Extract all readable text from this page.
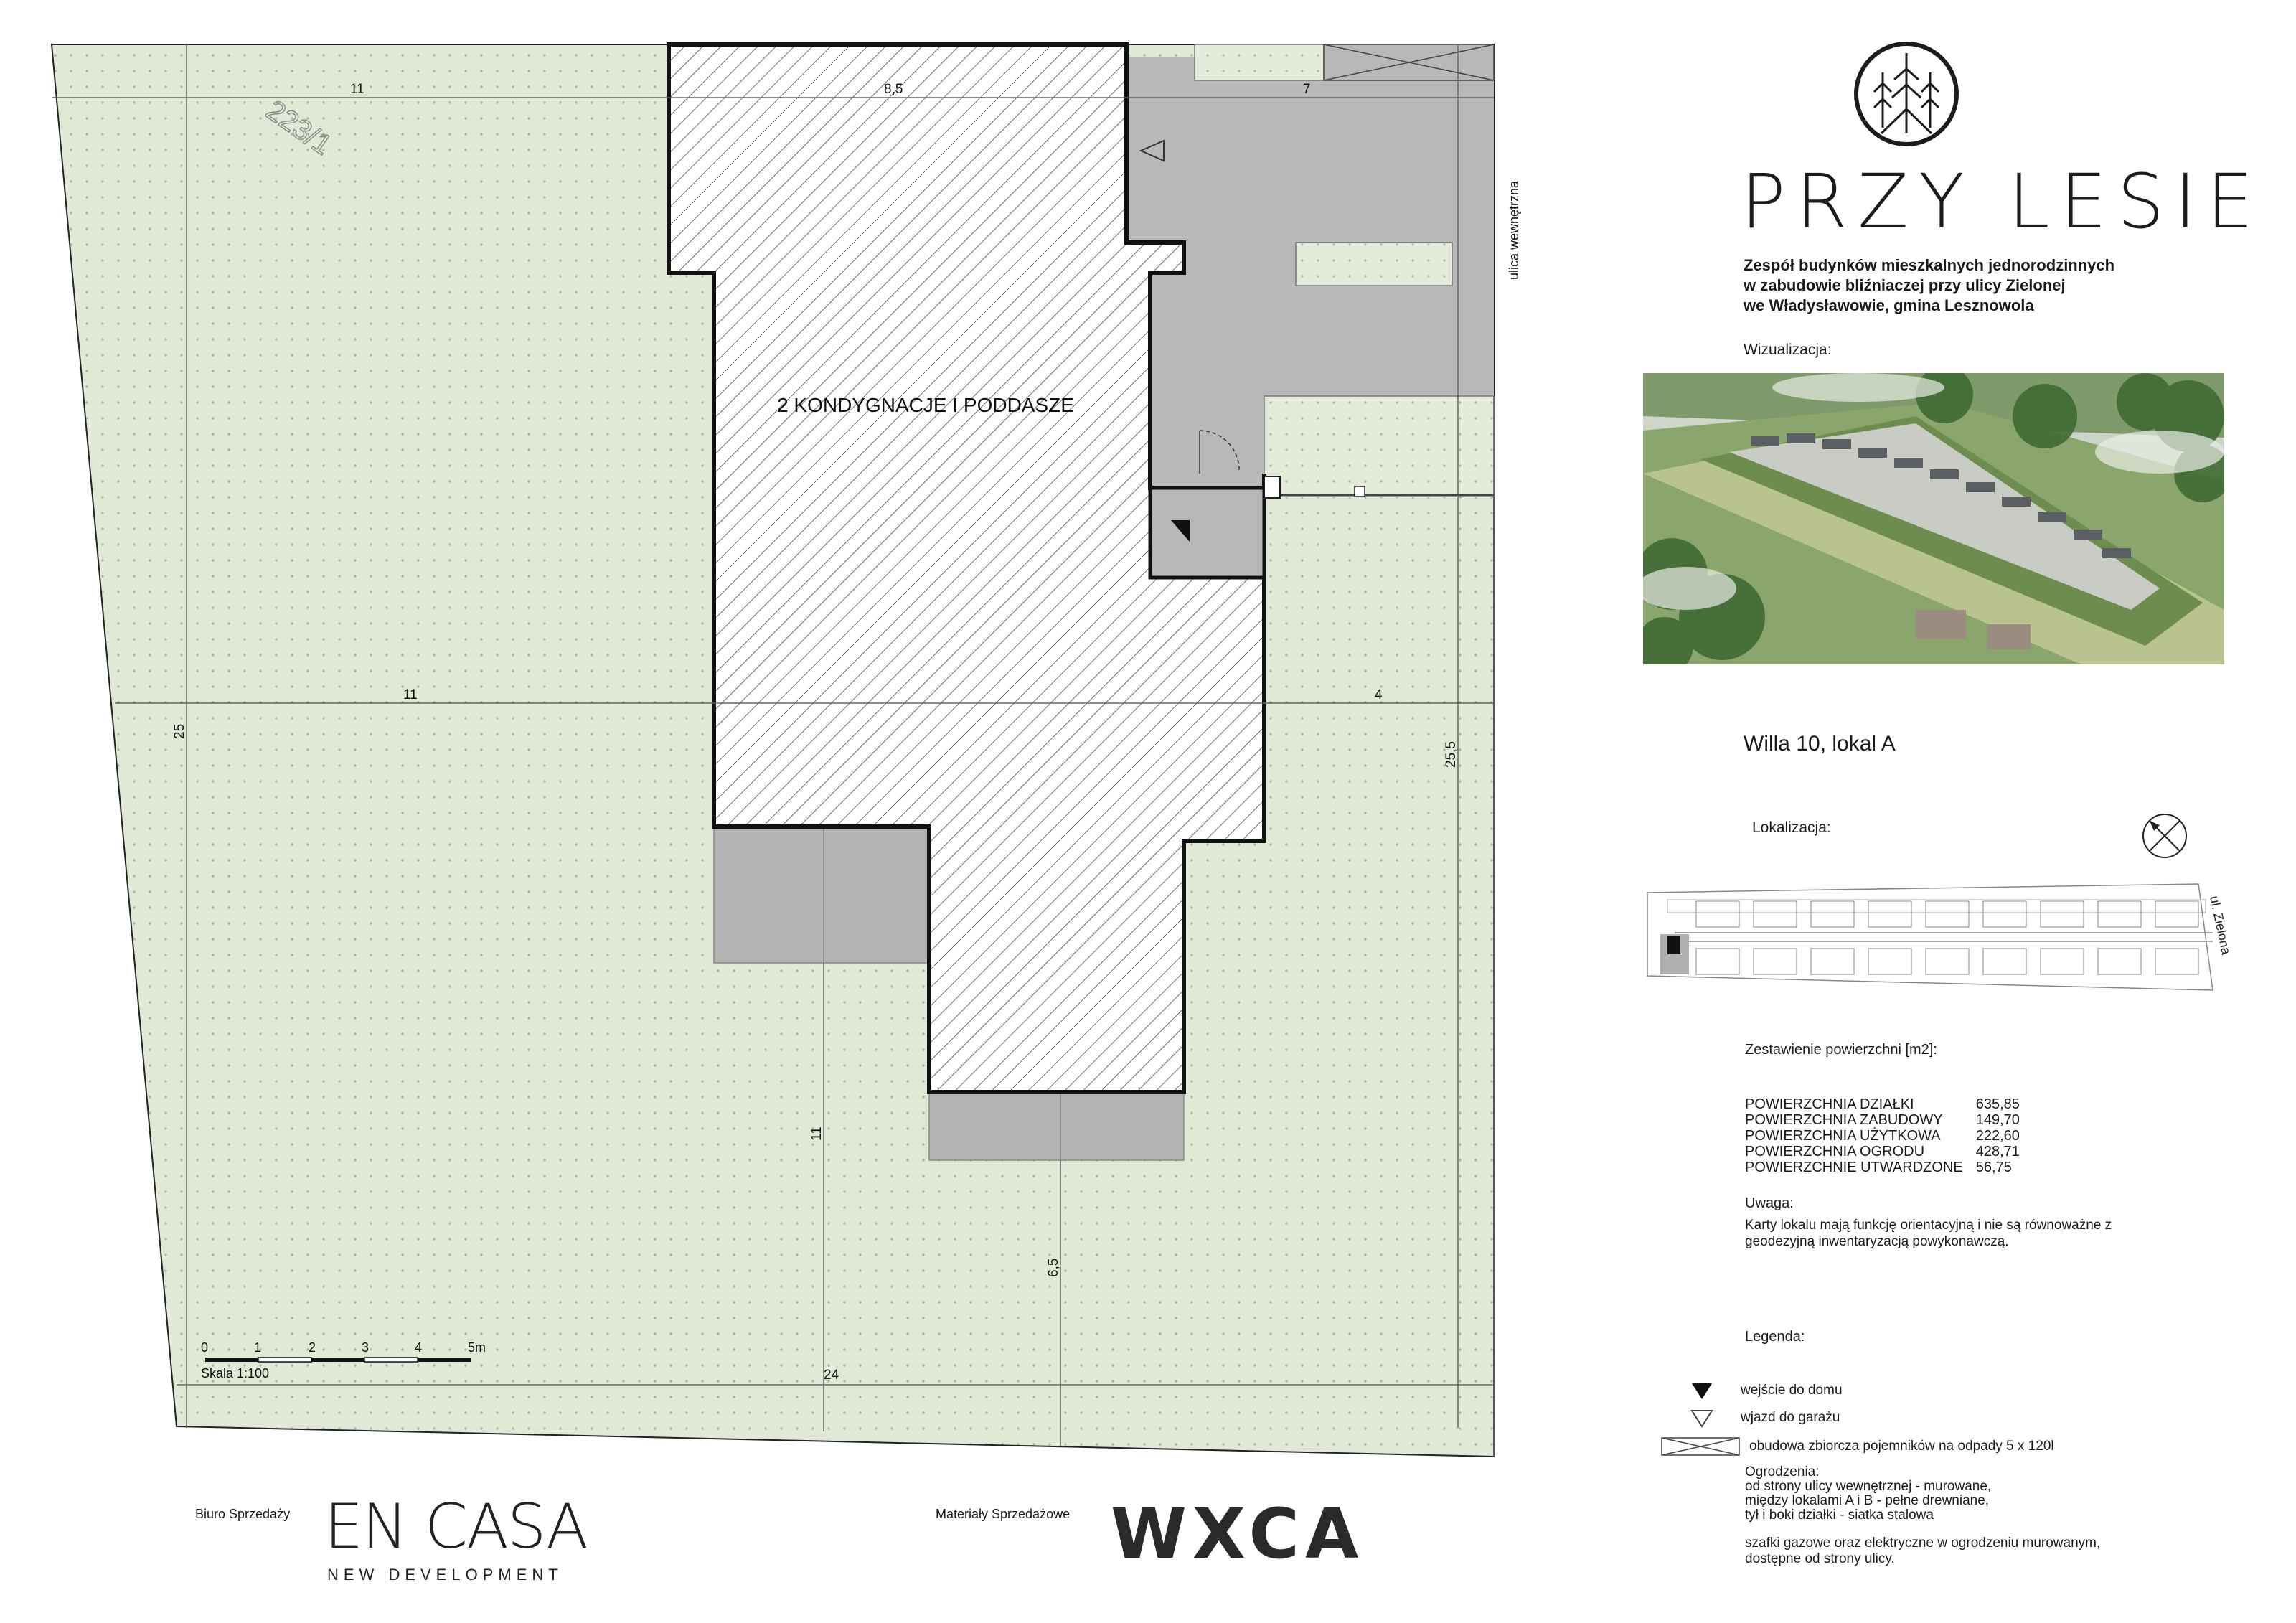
11	8,5	7
11	4
25
25,5
11
6,5
24
ulica wewnętrzna
223/1
2 KONDYGNACJE I PODDASZE
0	1	2	3	4	5m
Skala 1:100
PRZY LESIE
Zespół budynków mieszkalnych jednorodzinnych
w zabudowie bliźniaczej przy ulicy Zielonej
we Władysławowie, gmina Lesznowola
Wizualizacja:
Willa 10, lokal A
Lokalizacja:
ul. Zielona
Zestawienie powierzchni [m2]:
POWIERZCHNIA DZIAŁKI	635,85
POWIERZCHNIA ZABUDOWY	149,70
POWIERZCHNIA UŻYTKOWA	222,60
POWIERZCHNIA OGRODU	428,71
POWIERZCHNIE UTWARDZONE	56,75
Uwaga:
Karty lokalu mają funkcję orientacyjną i nie są równoważne z
geodezyjną inwentaryzacją powykonawczą.
Legenda:
wejście do domu
wjazd do garażu
obudowa zbiorcza pojemników na odpady 5 x 120l
Ogrodzenia:
od strony ulicy wewnętrznej - murowane,
między lokalami A i B - pełne drewniane,
tył i boki działki - siatka stalowa
szafki gazowe oraz elektryczne w ogrodzeniu murowanym,
dostępne od strony ulicy.
Biuro Sprzedaży EN CASA
NEW DEVELOPMENT
Materiały Sprzedażowe WXCA
